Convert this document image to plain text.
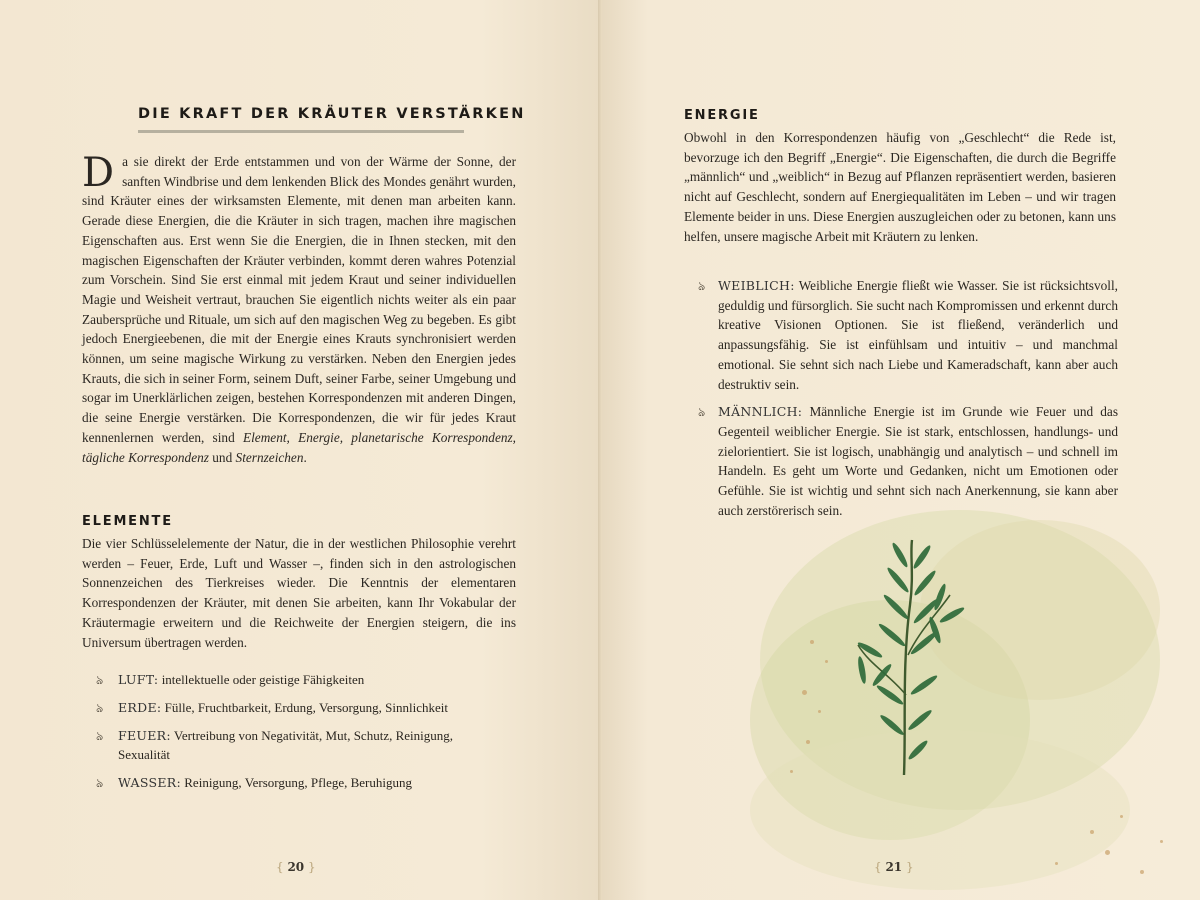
DIE KRAFT DER KRÄUTER VERSTÄRKEN

Da sie direkt der Erde entstammen und von der Wärme der Sonne, der sanften Windbrise und dem lenkenden Blick des Mondes genährt wurden, sind Kräuter eines der wirksamsten Elemente, mit denen man arbeiten kann. Gerade diese Energien, die die Kräuter in sich tragen, machen ihre magischen Eigenschaften aus. Erst wenn Sie die Energien, die in Ihnen stecken, mit den magischen Eigenschaften der Kräuter verbinden, kommt deren wahres Potenzial zum Vorschein. Sind Sie erst einmal mit jedem Kraut und seiner individuellen Magie und Weisheit vertraut, brauchen Sie eigentlich nichts weiter als ein paar Zaubersprüche und Rituale, um sich auf den magischen Weg zu begeben. Es gibt jedoch Energieebenen, die mit der Energie eines Krauts synchronisiert werden können, um seine magische Wirkung zu verstärken. Neben den Energien jedes Krauts, die sich in seiner Form, seinem Duft, seiner Farbe, seiner Umgebung und sogar im Unerklärlichen zeigen, bestehen Korrespondenzen mit anderen Dingen, die seine Energie verstärken. Die Korrespondenzen, die wir für jedes Kraut kennenlernen werden, sind Element, Energie, planetarische Korrespondenz, tägliche Korrespondenz und Sternzeichen.

ELEMENTE

Die vier Schlüsselelemente der Natur, die in der westlichen Philosophie verehrt werden – Feuer, Erde, Luft und Wasser –, finden sich in den astrologischen Sonnenzeichen des Tierkreises wieder. Die Kenntnis der elementaren Korrespondenzen der Kräuter, mit denen Sie arbeiten, kann Ihr Vokabular der Kräutermagie erweitern und die Reichweite der Energien steigern, die ins Universum übertragen werden.

ঌ LUFT: intellektuelle oder geistige Fähigkeiten
ঌ ERDE: Fülle, Fruchtbarkeit, Erdung, Versorgung, Sinnlichkeit
ঌ FEUER: Vertreibung von Negativität, Mut, Schutz, Reinigung, Sexualität
ঌ WASSER: Reinigung, Versorgung, Pflege, Beruhigung
{ 20 }
ENERGIE

Obwohl in den Korrespondenzen häufig von „Geschlecht“ die Rede ist, bevorzuge ich den Begriff „Energie“. Die Eigenschaften, die durch die Begriffe „männlich“ und „weiblich“ in Bezug auf Pflanzen repräsentiert werden, basieren nicht auf Geschlecht, sondern auf Energiequalitäten im Leben – und wir tragen Elemente beider in uns. Diese Energien auszugleichen oder zu betonen, kann uns helfen, unsere magische Arbeit mit Kräutern zu lenken.

ঌ WEIBLICH: Weibliche Energie fließt wie Wasser. Sie ist rücksichtsvoll, geduldig und fürsorglich. Sie sucht nach Kompromissen und erkennt durch kreative Visionen Optionen. Sie ist fließend, veränderlich und anpassungsfähig. Sie ist einfühlsam und intuitiv – und manchmal emotional. Sie sehnt sich nach Liebe und Kameradschaft, kann aber auch destruktiv sein.
ঌ MÄNNLICH: Männliche Energie ist im Grunde wie Feuer und das Gegenteil weiblicher Energie. Sie ist stark, entschlossen, handlungs- und zielorientiert. Sie ist logisch, unabhängig und analytisch – und schnell im Handeln. Es geht um Worte und Gedanken, nicht um Emotionen oder Gefühle. Sie ist wichtig und sehnt sich nach Anerkennung, sie kann aber auch zerstörerisch sein.
{ 21 }
